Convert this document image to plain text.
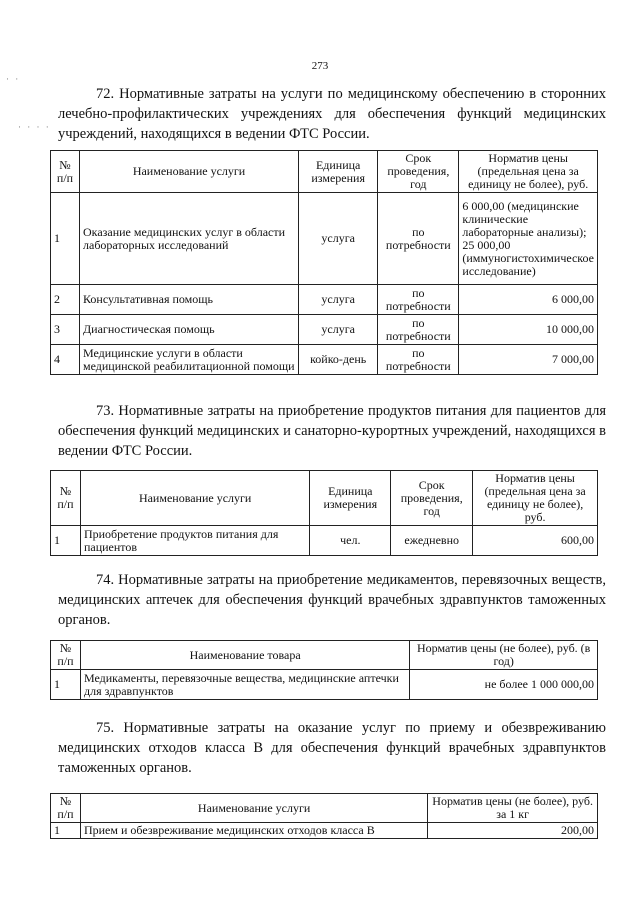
273
· ·
· · · ·
72. Нормативные затраты на услуги по медицинскому обеспечению в сторонних лечебно-профилактических учреждениях для обеспечения функций медицинских учреждений, находящихся в ведении ФТС России.
№ п/п	Наименование услуги	Единица измерения	Срок проведения, год	Норматив цены (предельная цена за единицу не более), руб.
1	Оказание медицинских услуг в области лабораторных исследований	услуга	по потребности	6 000,00 (медицинские клинические лабораторные анализы); 25 000,00 (иммуногистохимическое исследование)
2	Консультативная помощь	услуга	по потребности	6 000,00
3	Диагностическая помощь	услуга	по потребности	10 000,00
4	Медицинские услуги в области медицинской реабилитационной помощи	койко-день	по потребности	7 000,00
73. Нормативные затраты на приобретение продуктов питания для пациентов для обеспечения функций медицинских и санаторно-курортных учреждений, находящихся в ведении ФТС России.
№ п/п	Наименование услуги	Единица измерения	Срок проведения, год	Норматив цены (предельная цена за единицу не более), руб.
1	Приобретение продуктов питания для пациентов	чел.	ежедневно	600,00
74. Нормативные затраты на приобретение медикаментов, перевязочных веществ, медицинских аптечек для обеспечения функций врачебных здравпунктов таможенных органов.
№ п/п	Наименование товара	Норматив цены (не более), руб. (в год)
1	Медикаменты, перевязочные вещества, медицинские аптечки для здравпунктов	не более 1 000 000,00
75. Нормативные затраты на оказание услуг по приему и обезвреживанию медицинских отходов класса В для обеспечения функций врачебных здравпунктов таможенных органов.
№ п/п	Наименование услуги	Норматив цены (не более), руб. за 1 кг
1	Прием и обезвреживание медицинских отходов класса В	200,00
